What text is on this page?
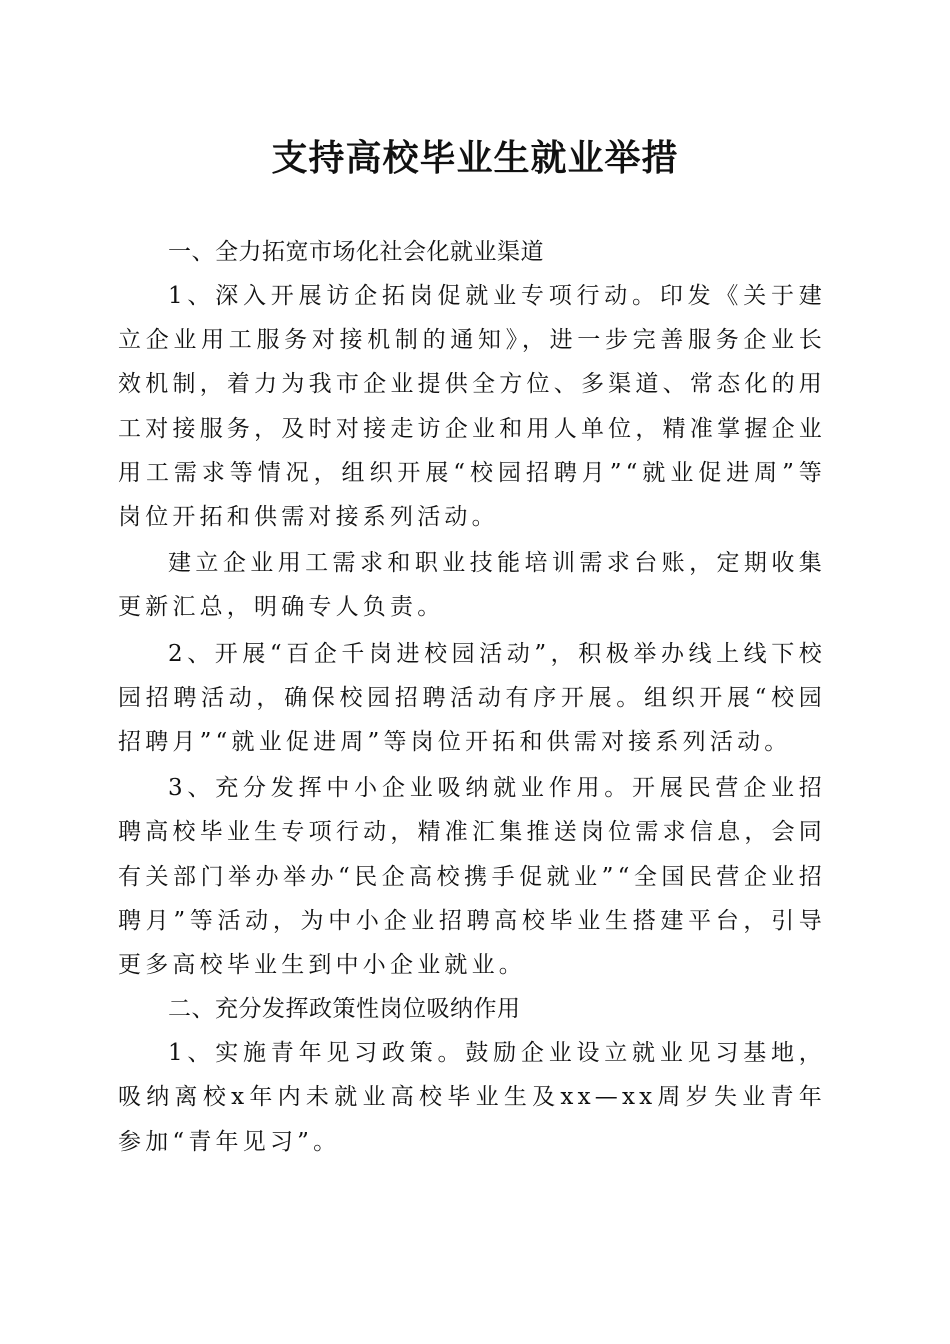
支持高校毕业生就业举措
一、全力拓宽市场化社会化就业渠道

1、深入开展访企拓岗促就业专项行动。印发《关于建立企业用工服务对接机制的通知》，进一步完善服务企业长效机制，着力为我市企业提供全方位、多渠道、常态化的用工对接服务，及时对接走访企业和用人单位，精准掌握企业用工需求等情况，组织开展“校园招聘月”“就业促进周”等岗位开拓和供需对接系列活动。

建立企业用工需求和职业技能培训需求台账，定期收集更新汇总，明确专人负责。

2、开展“百企千岗进校园活动”，积极举办线上线下校园招聘活动，确保校园招聘活动有序开展。组织开展“校园招聘月”“就业促进周”等岗位开拓和供需对接系列活动。

3、充分发挥中小企业吸纳就业作用。开展民营企业招聘高校毕业生专项行动，精准汇集推送岗位需求信息，会同有关部门举办举办“民企高校携手促就业”“全国民营企业招聘月”等活动，为中小企业招聘高校毕业生搭建平台，引导更多高校毕业生到中小企业就业。

二、充分发挥政策性岗位吸纳作用

1、实施青年见习政策。鼓励企业设立就业见习基地，吸纳离校x年内未就业高校毕业生及xx—xx周岁失业青年参加“青年见习”。
